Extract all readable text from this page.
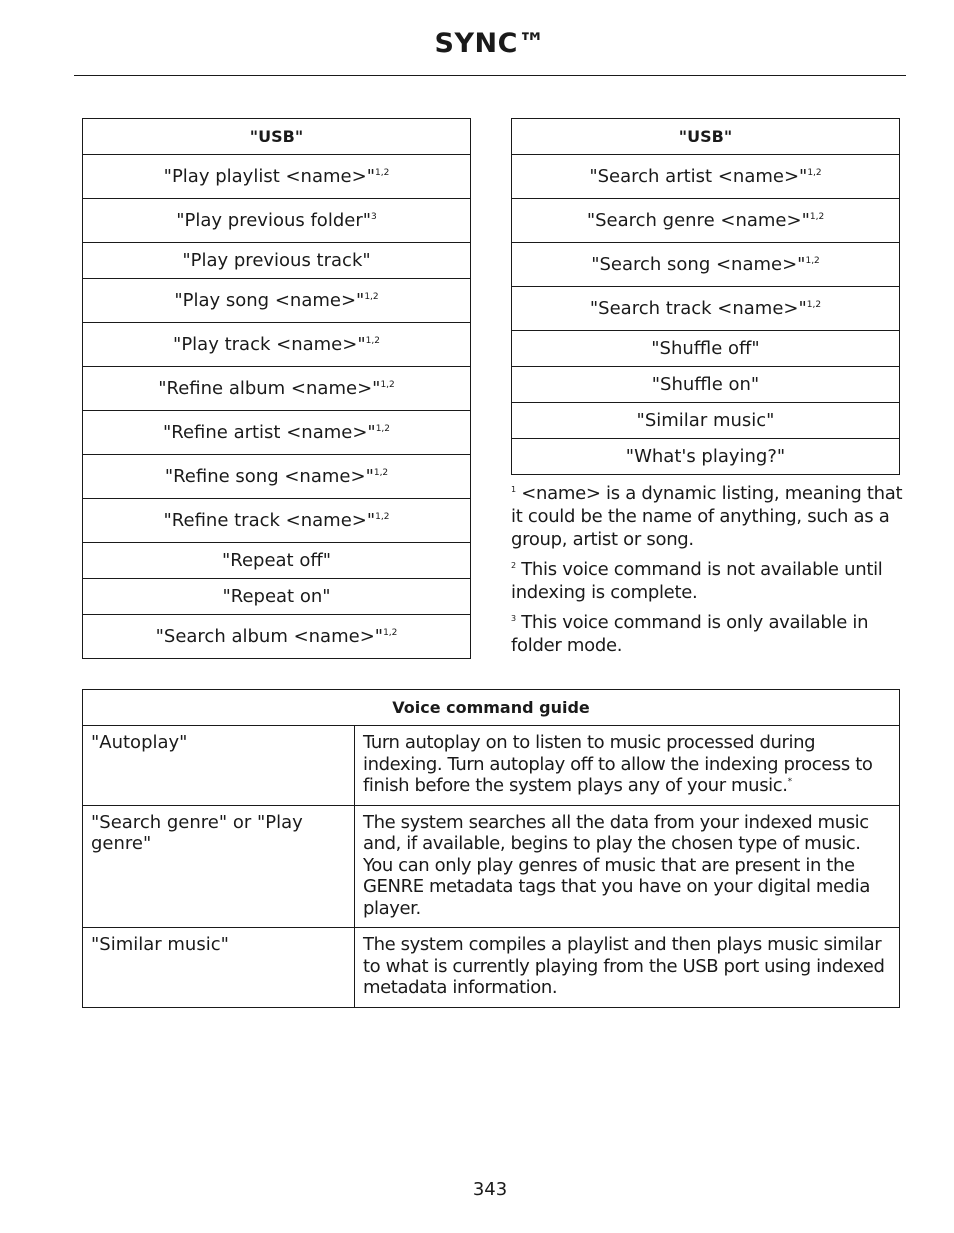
SYNC™
"USB"
"Play playlist <name>"$^{1,2}$
"Play previous folder"$^3$
"Play previous track"
"Play song <name>"$^{1,2}$
"Play track <name>"$^{1,2}$
"Refine album <name>"$^{1,2}$
"Refine artist <name>"$^{1,2}$
"Refine song <name>"$^{1,2}$
"Refine track <name>"$^{1,2}$
"Repeat off"
"Repeat on"
"Search album <name>"$^{1,2}$
"USB"
"Search artist <name>"$^{1,2}$
"Search genre <name>"$^{1,2}$
"Search song <name>"$^{1,2}$
"Search track <name>"$^{1,2}$
"Shuffle off"
"Shuffle on"
"Similar music"
"What's playing?"

$^1$ <name> is a dynamic listing, meaning that it could be the name of anything, such as a group, artist or song.

$^2$ This voice command is not available until indexing is complete.

$^3$ This voice command is only available in folder mode.

Voice command guide	
"Autoplay"	Turn autoplay on to listen to music processed during indexing. Turn autoplay off to allow the indexing process to finish before the system plays any of your music.*
"Search genre" or "Play genre"	The system searches all the data from your indexed music and, if available, begins to play the chosen type of music. You can only play genres of music that are present in the GENRE metadata tags that you have on your digital media player.
"Similar music"	The system compiles a playlist and then plays music similar to what is currently playing from the USB port using indexed metadata information.
343
